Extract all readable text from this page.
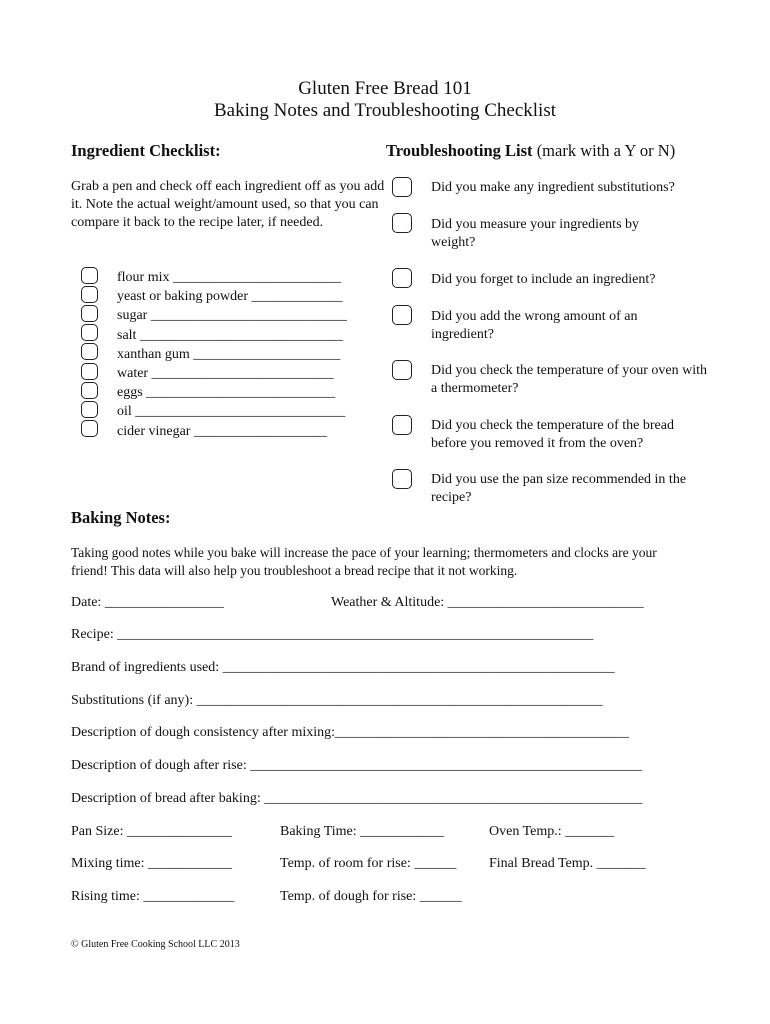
Gluten Free Bread 101

Baking Notes and Troubleshooting Checklist

Ingredient Checklist:

Grab a pen and check off each ingredient off as you add it. Note the actual weight/amount used, so that you can compare it back to the recipe later, if needed.

flour mix ________________________
yeast or baking powder _____________
sugar ____________________________
salt _____________________________
xanthan gum _____________________
water __________________________
eggs ___________________________
oil ______________________________
cider vinegar ___________________

Troubleshooting List (mark with a Y or N)

Did you make any ingredient substitutions?

Did you measure your ingredients by weight?

Did you forget to include an ingredient?

Did you add the wrong amount of an ingredient?

Did you check the temperature of your oven with a thermometer?

Did you check the temperature of the bread before you removed it from the oven?

Did you use the pan size recommended in the recipe?

Baking Notes:

Taking good notes while you bake will increase the pace of your learning; thermometers and clocks are your friend! This data will also help you troubleshoot a bread recipe that it not working.

Date: _________________	Weather & Altitude: ____________________________

Recipe: ____________________________________________________________________

Brand of ingredients used: ________________________________________________________

Substitutions (if any): __________________________________________________________

Description of dough consistency after mixing:__________________________________________

Description of dough after rise: ________________________________________________________

Description of bread after baking: ______________________________________________________

Pan Size: _______________	Baking Time: ____________	Oven Temp.: _______

Mixing time: ____________	Temp. of room for rise: ______ Final Bread Temp. _______

Rising time: _____________	Temp. of dough for rise: ______

© Gluten Free Cooking School LLC 2013
